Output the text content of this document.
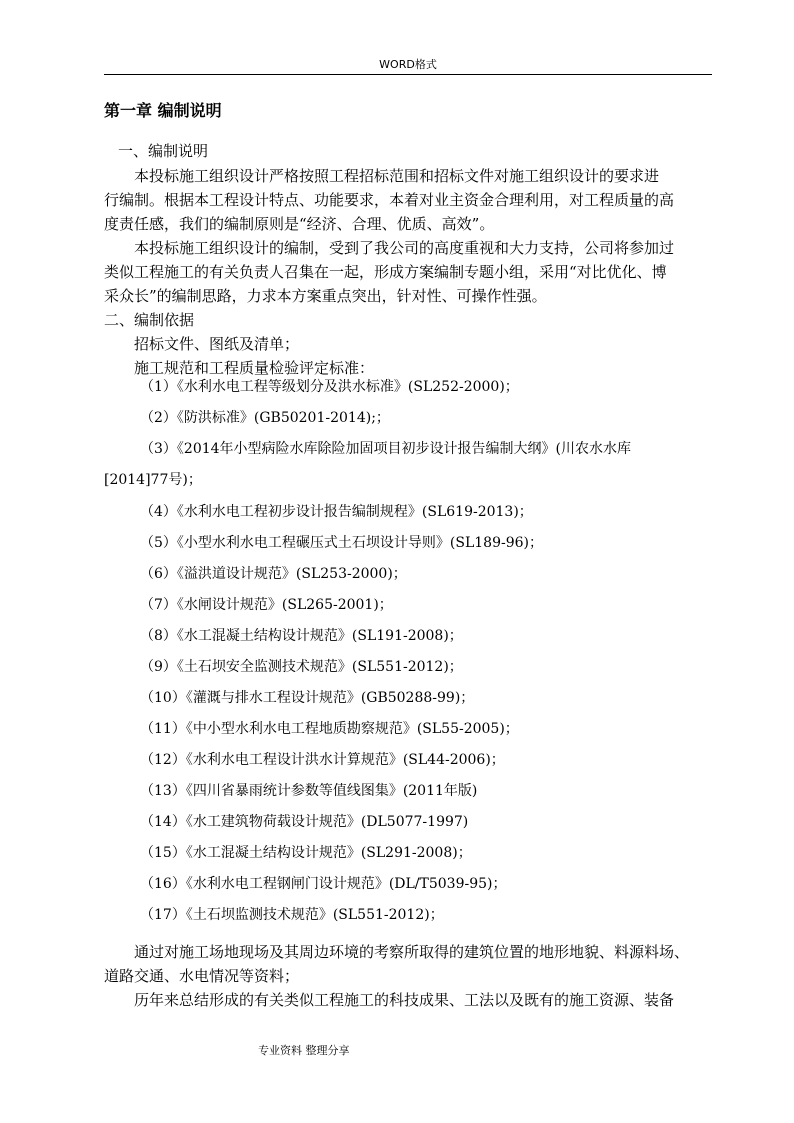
WORD格式
第一章 编制说明
一、编制说明
本投标施工组织设计严格按照工程招标范围和招标文件对施工组织设计的要求进
行编制。根据本工程设计特点、功能要求，本着对业主资金合理利用，对工程质量的高
度责任感，我们的编制原则是“经济、合理、优质、高效”。
本投标施工组织设计的编制，受到了我公司的高度重视和大力支持，公司将参加过
类似工程施工的有关负责人召集在一起，形成方案编制专题小组，采用“对比优化、博
采众长”的编制思路，力求本方案重点突出，针对性、可操作性强。
二、编制依据
招标文件、图纸及清单；
施工规范和工程质量检验评定标准：
（1）《水利水电工程等级划分及洪水标准》(SL252-2000)；
（2）《防洪标准》(GB50201-2014);；
（3）《2014年小型病险水库除险加固项目初步设计报告编制大纲》(川农水水库
[2014]77号)；
（4）《水利水电工程初步设计报告编制规程》(SL619-2013)；
（5）《小型水利水电工程碾压式土石坝设计导则》(SL189-96)；
（6）《溢洪道设计规范》(SL253-2000)；
（7）《水闸设计规范》(SL265-2001)；
（8）《水工混凝土结构设计规范》(SL191-2008)；
（9）《土石坝安全监测技术规范》(SL551-2012)；
（10）《灌溉与排水工程设计规范》(GB50288-99)；
（11）《中小型水利水电工程地质勘察规范》(SL55-2005)；
（12）《水利水电工程设计洪水计算规范》(SL44-2006)；
（13）《四川省暴雨统计参数等值线图集》(2011年版)
（14）《水工建筑物荷载设计规范》(DL5077-1997)
（15）《水工混凝土结构设计规范》(SL291-2008)；
（16）《水利水电工程钢闸门设计规范》(DL/T5039-95)；
（17）《土石坝监测技术规范》(SL551-2012)；
通过对施工场地现场及其周边环境的考察所取得的建筑位置的地形地貌、料源料场、
道路交通、水电情况等资料；
历年来总结形成的有关类似工程施工的科技成果、工法以及既有的施工资源、装备
专业资料 整理分享
